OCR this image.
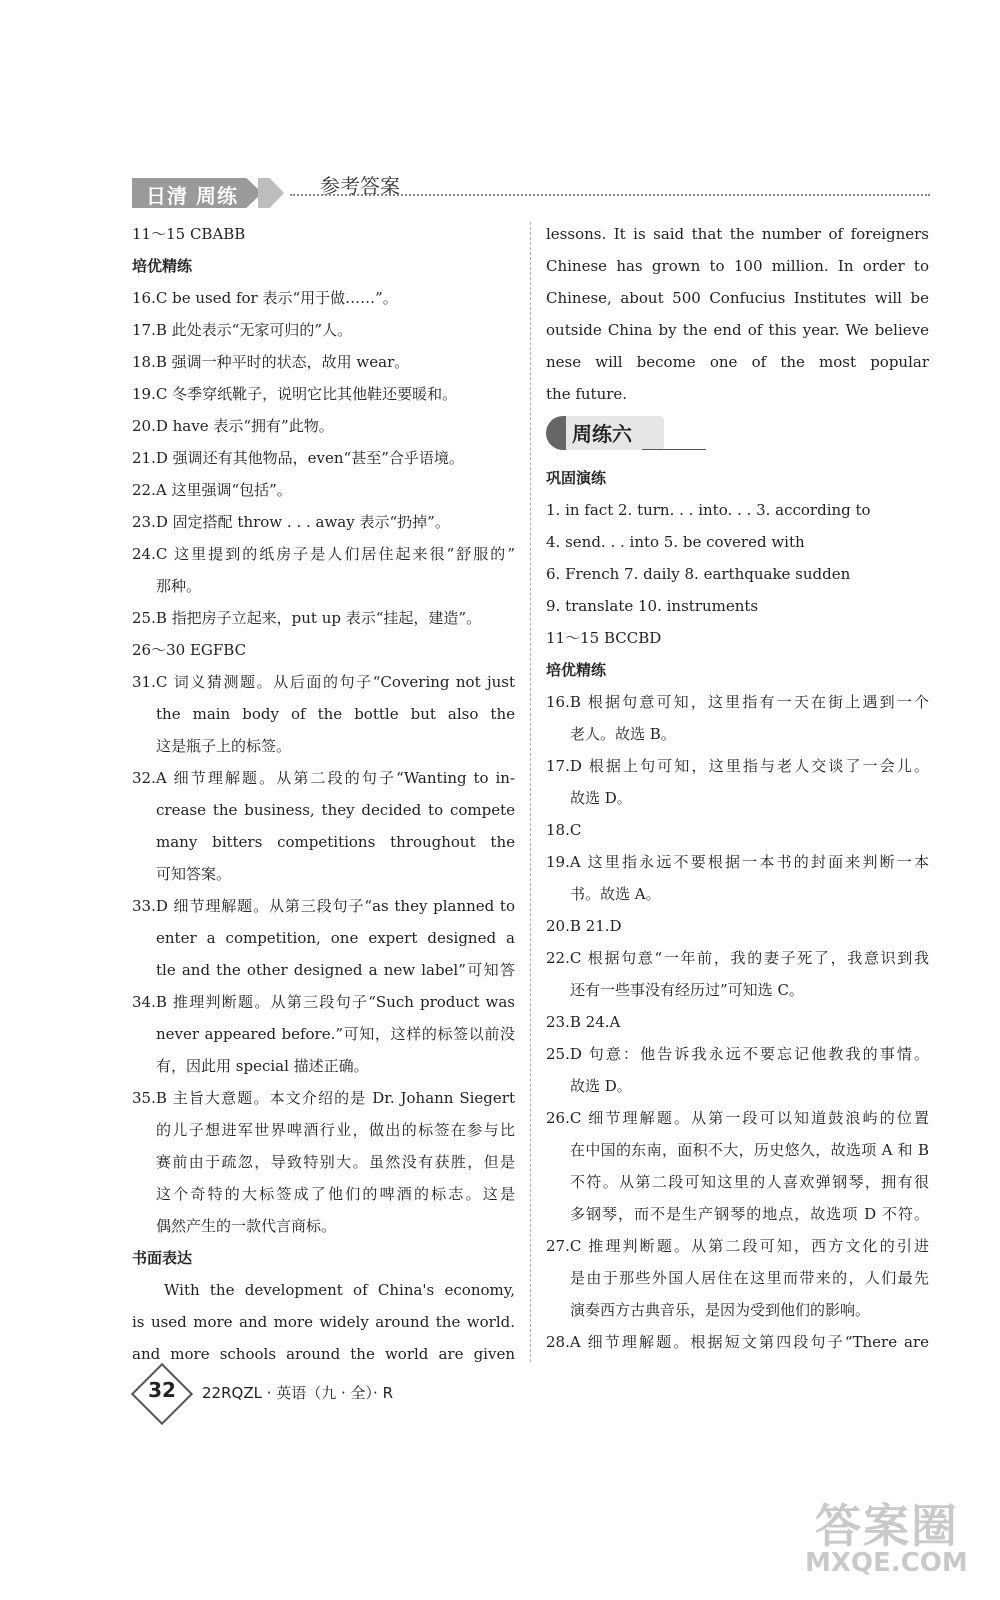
日清 周练	参考答案
11～15 CBABB
培优精练
16.C be used for 表示“用于做……”。
17.B 此处表示“无家可归的”人。
18.B 强调一种平时的状态，故用 wear。
19.C 冬季穿纸靴子，说明它比其他鞋还要暖和。
20.D have 表示“拥有”此物。
21.D 强调还有其他物品，even“甚至”合乎语境。
22.A 这里强调“包括”。
23.D 固定搭配 throw . . . away 表示“扔掉”。
24.C 这里提到的纸房子是人们居住起来很“舒服的”
那种。
25.B 指把房子立起来，put up 表示“挂起，建造”。
26～30 EGFBC
31.C 词义猜测题。从后面的句子“Covering not just
the main body of the bottle but also the
这是瓶子上的标签。
32.A 细节理解题。从第二段的句子“Wanting to in-
crease the business, they decided to compete
many bitters competitions throughout the
可知答案。
33.D 细节理解题。从第三段句子“as they planned to
enter a competition, one expert designed a
tle and the other designed a new label”可知答
34.B 推理判断题。从第三段句子“Such product was
never appeared before.”可知，这样的标签以前没
有，因此用 special 描述正确。
35.B 主旨大意题。本文介绍的是 Dr. Johann Siegert
的儿子想进军世界啤酒行业，做出的标签在参与比
赛前由于疏忽，导致特别大。虽然没有获胜，但是
这个奇特的大标签成了他们的啤酒的标志。这是
偶然产生的一款代言商标。
书面表达
With the development of China's economy,
is used more and more widely around the world.
and more schools around the world are given
lessons. It is said that the number of foreigners
Chinese has grown to 100 million. In order to
Chinese, about 500 Confucius Institutes will be
outside China by the end of this year. We believe
nese will become one of the most popular
the future.
周练六
巩固演练
1. in fact 2. turn. . . into. . . 3. according to
4. send. . . into 5. be covered with
6. French 7. daily 8. earthquake sudden
9. translate 10. instruments
11～15 BCCBD
培优精练
16.B 根据句意可知，这里指有一天在街上遇到一个
老人。故选 B。
17.D 根据上句可知，这里指与老人交谈了一会儿。
故选 D。
18.C
19.A 这里指永远不要根据一本书的封面来判断一本
书。故选 A。
20.B 21.D
22.C 根据句意“一年前，我的妻子死了，我意识到我
还有一些事没有经历过”可知选 C。
23.B 24.A
25.D 句意：他告诉我永远不要忘记他教我的事情。
故选 D。
26.C 细节理解题。从第一段可以知道鼓浪屿的位置
在中国的东南，面积不大，历史悠久，故选项 A 和 B
不符。从第二段可知这里的人喜欢弹钢琴，拥有很
多钢琴，而不是生产钢琴的地点，故选项 D 不符。
27.C 推理判断题。从第二段可知，西方文化的引进
是由于那些外国人居住在这里而带来的，人们最先
演奏西方古典音乐，是因为受到他们的影响。
28.A 细节理解题。根据短文第四段句子“There are
32	22RQZL · 英语（九 · 全）· R
答案圈
MXQE.COM
